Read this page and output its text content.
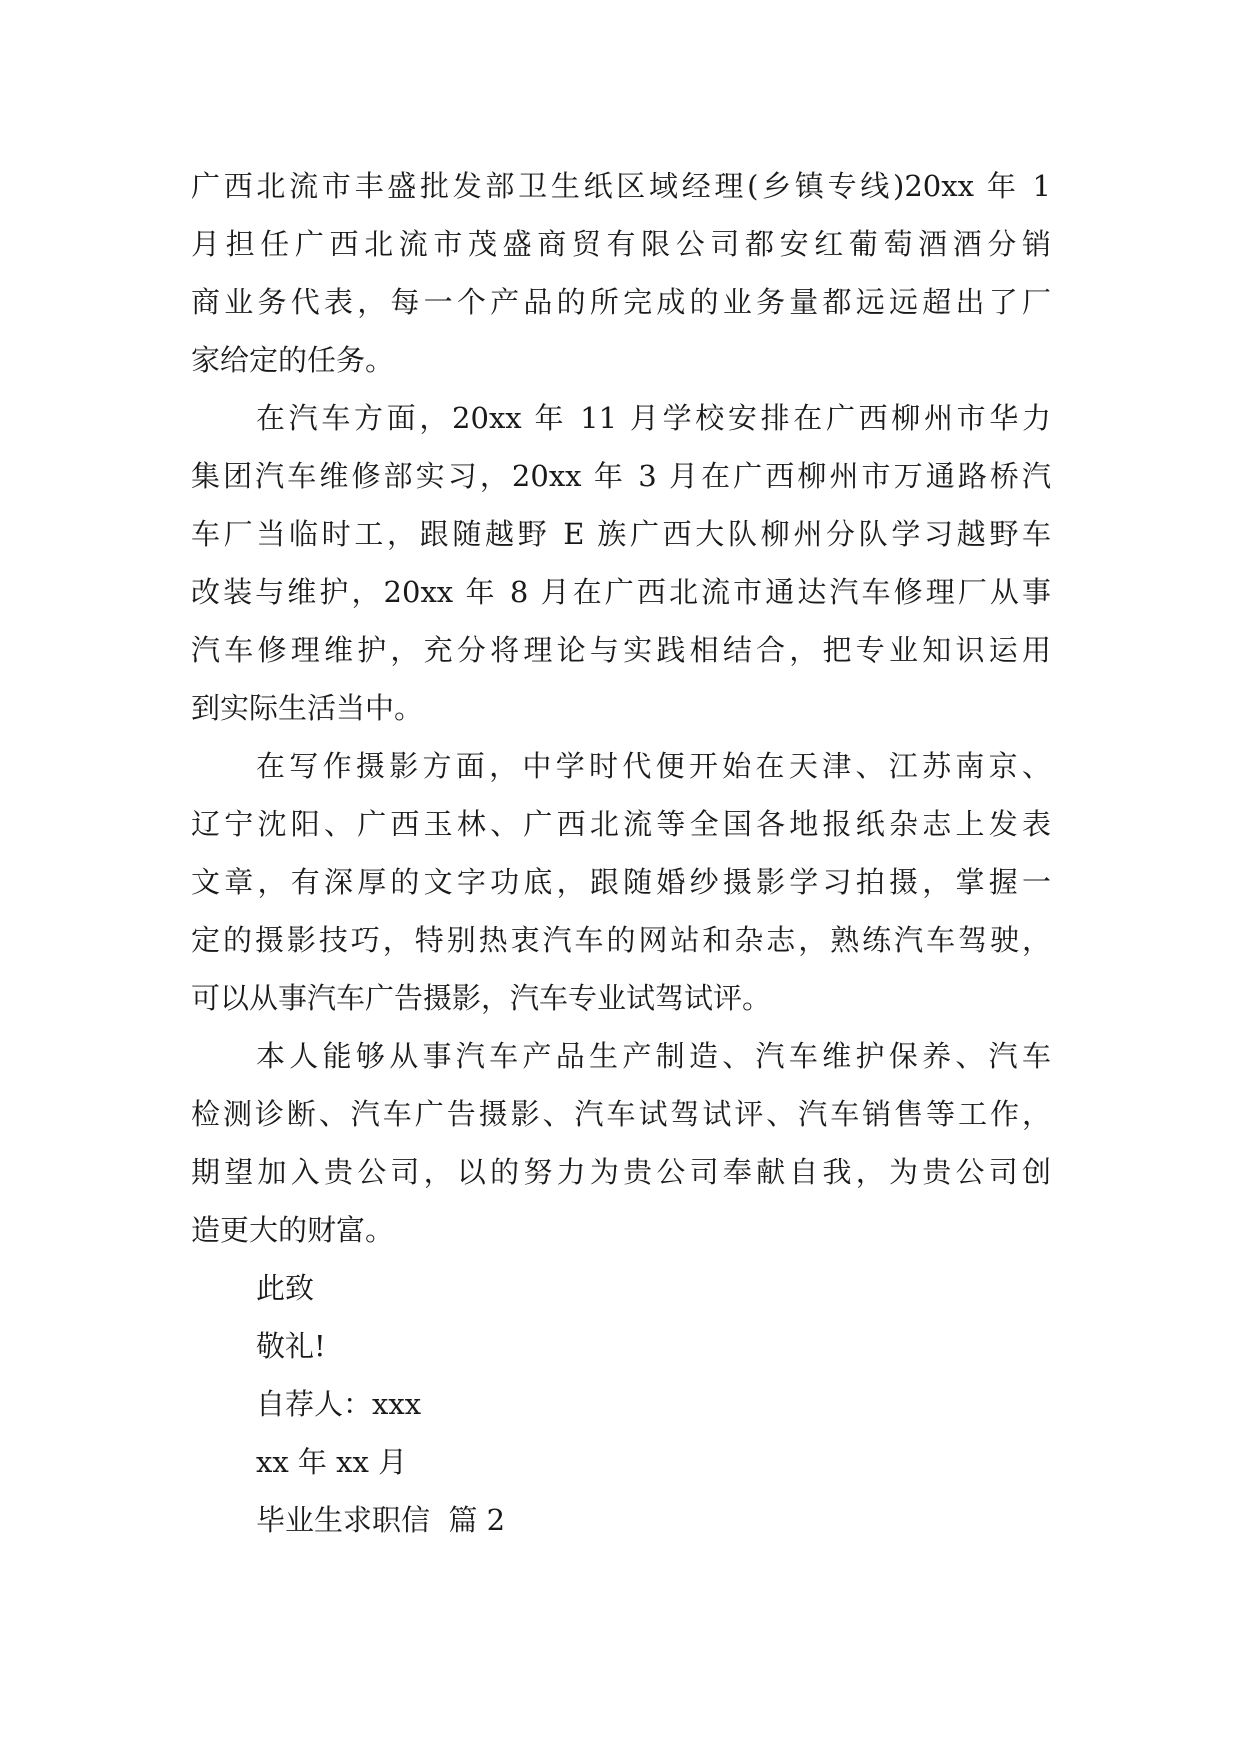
广西北流市丰盛批发部卫生纸区域经理(乡镇专线)20xx 年 1
月担任广西北流市茂盛商贸有限公司都安红葡萄酒酒分销
商业务代表，每一个产品的所完成的业务量都远远超出了厂
家给定的任务。
在汽车方面，20xx 年 11 月学校安排在广西柳州市华力
集团汽车维修部实习，20xx 年 3 月在广西柳州市万通路桥汽
车厂当临时工，跟随越野 E 族广西大队柳州分队学习越野车
改装与维护，20xx 年 8 月在广西北流市通达汽车修理厂从事
汽车修理维护，充分将理论与实践相结合，把专业知识运用
到实际生活当中。
在写作摄影方面，中学时代便开始在天津、江苏南京、
辽宁沈阳、广西玉林、广西北流等全国各地报纸杂志上发表
文章，有深厚的文字功底，跟随婚纱摄影学习拍摄，掌握一
定的摄影技巧，特别热衷汽车的网站和杂志，熟练汽车驾驶，
可以从事汽车广告摄影，汽车专业试驾试评。
本人能够从事汽车产品生产制造、汽车维护保养、汽车
检测诊断、汽车广告摄影、汽车试驾试评、汽车销售等工作，
期望加入贵公司，以的努力为贵公司奉献自我，为贵公司创
造更大的财富。
此致
敬礼!
自荐人：xxx
xx 年 xx 月
毕业生求职信  篇 2
